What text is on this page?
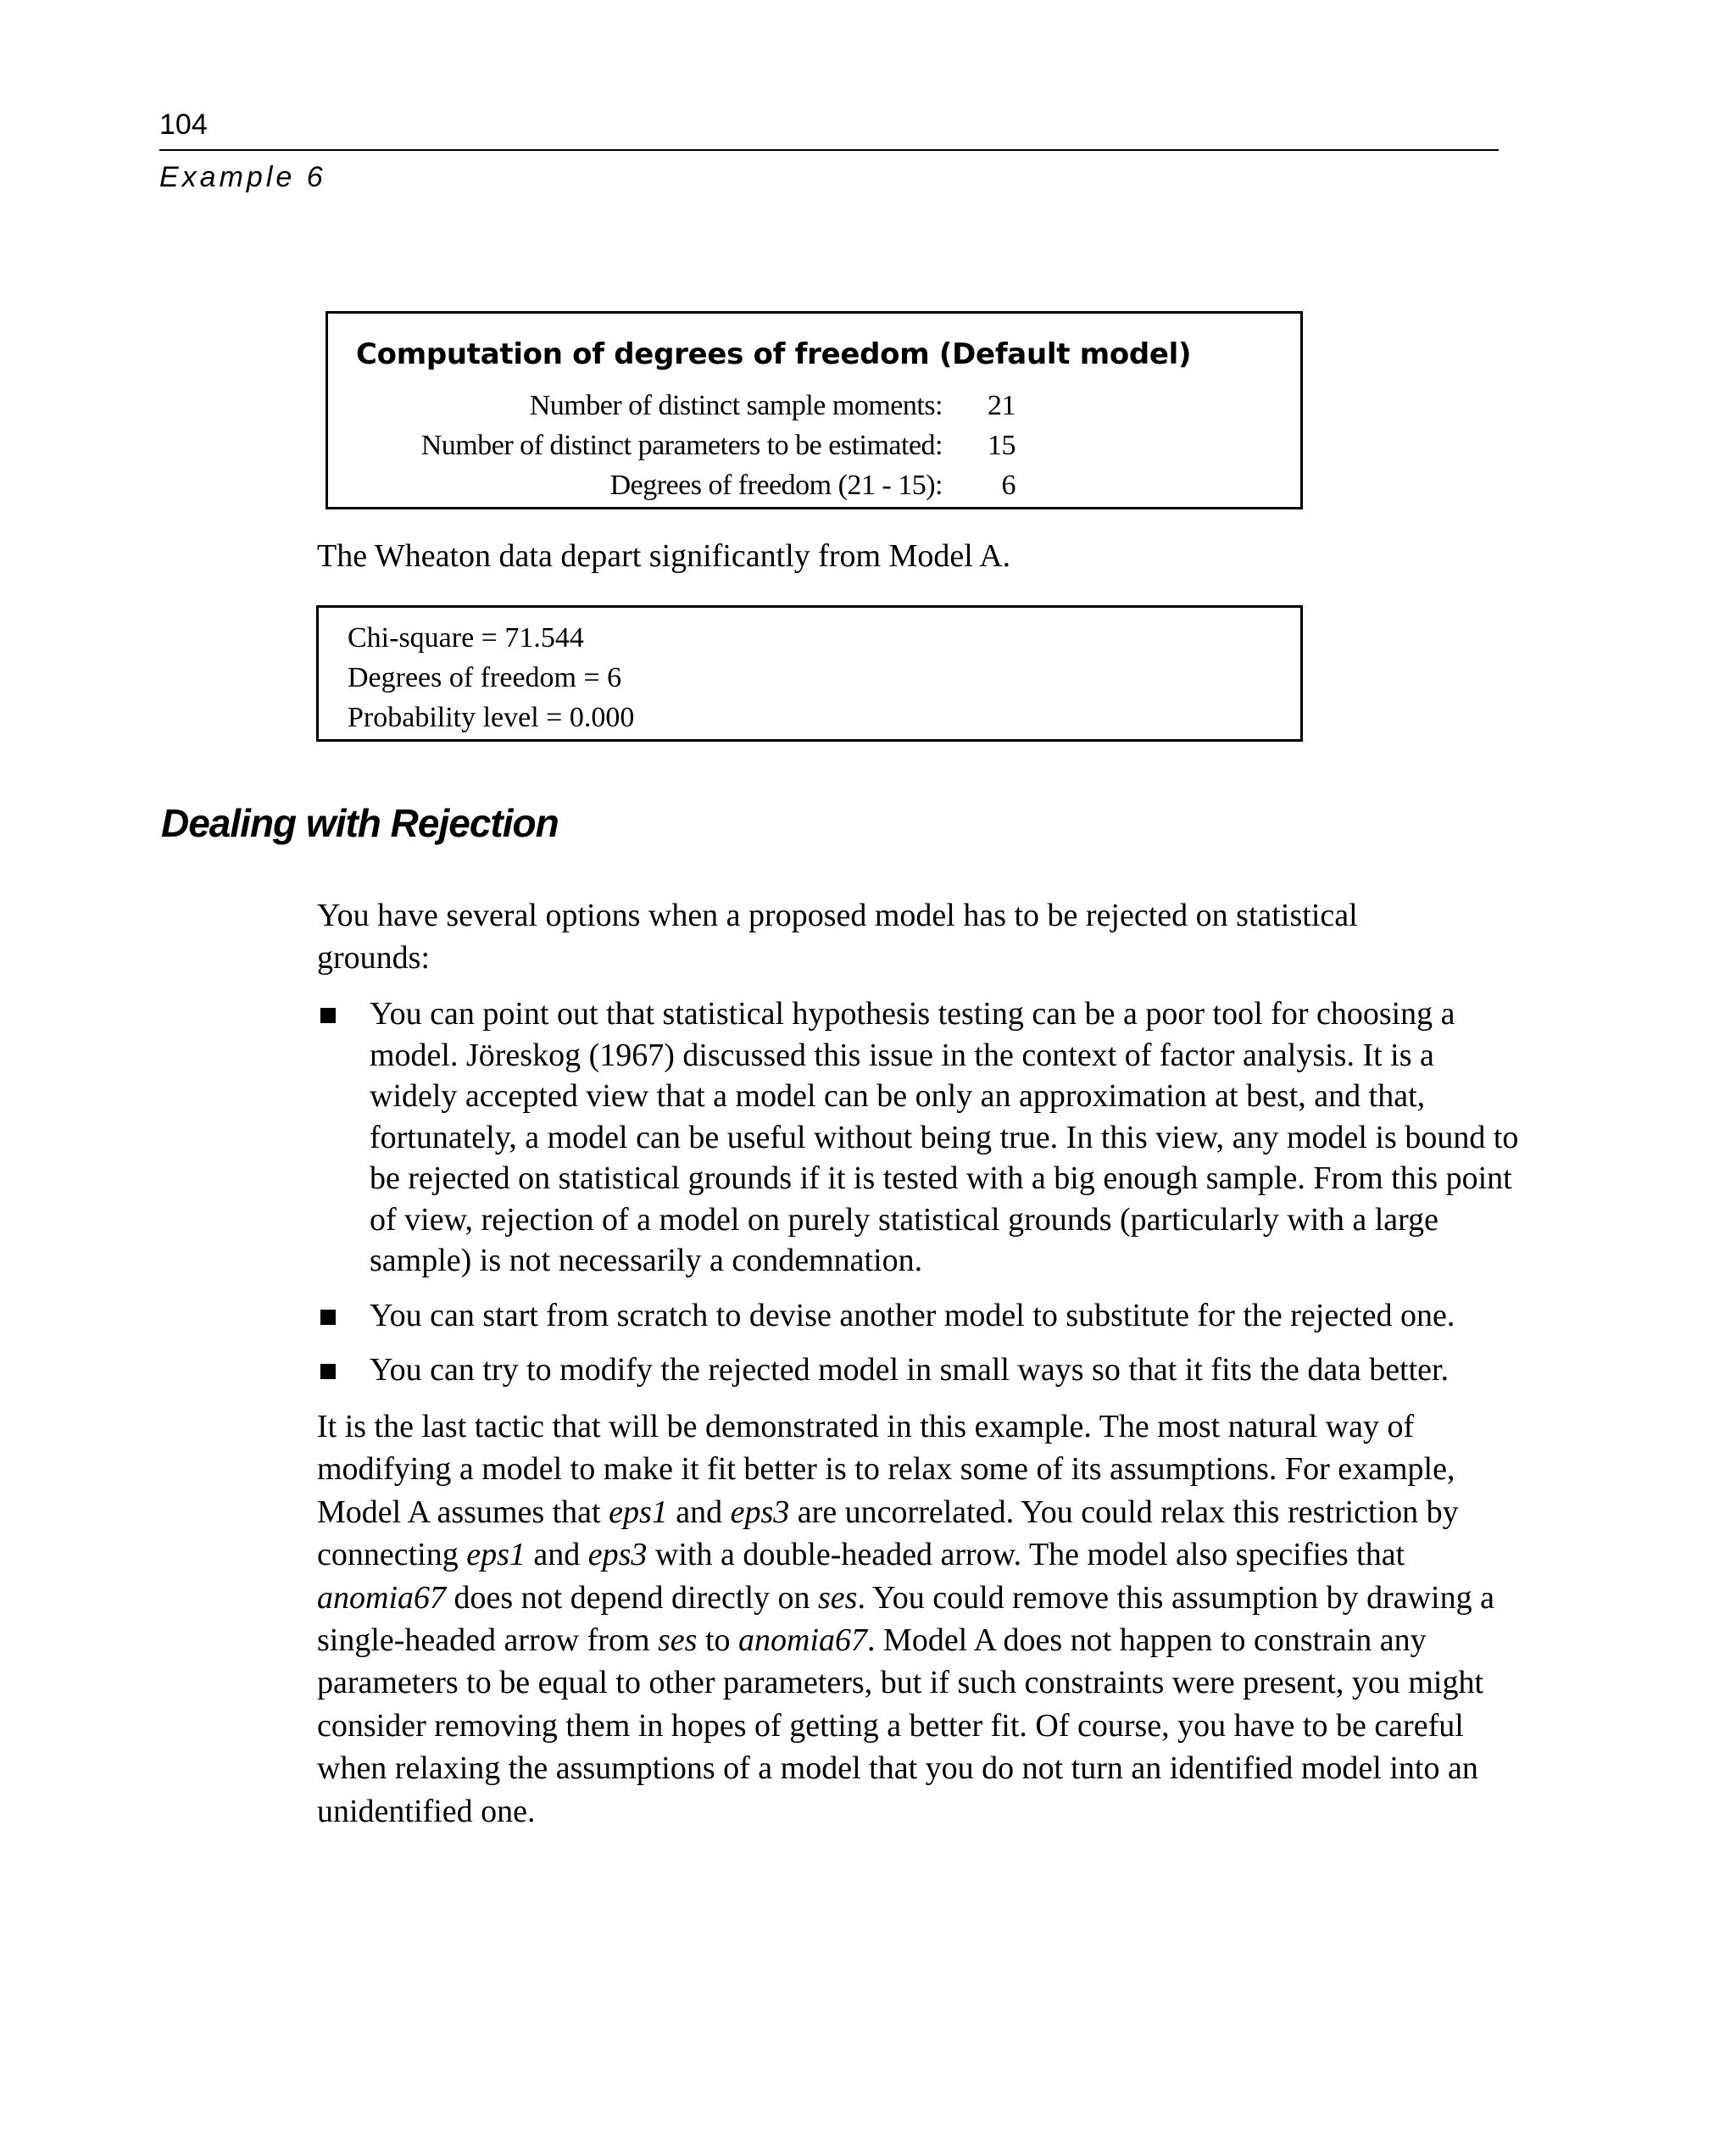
104
Example 6
Computation of degrees of freedom (Default model)
Number of distinct sample moments: 21
Number of distinct parameters to be estimated: 15
Degrees of freedom (21 - 15): 6
The Wheaton data depart significantly from Model A.
Chi-square = 71.544
Degrees of freedom = 6
Probability level = 0.000
Dealing with Rejection
You have several options when a proposed model has to be rejected on statistical grounds:
You can point out that statistical hypothesis testing can be a poor tool for choosing a model. Jöreskog (1967) discussed this issue in the context of factor analysis. It is a widely accepted view that a model can be only an approximation at best, and that, fortunately, a model can be useful without being true. In this view, any model is bound to be rejected on statistical grounds if it is tested with a big enough sample. From this point of view, rejection of a model on purely statistical grounds (particularly with a large sample) is not necessarily a condemnation.
You can start from scratch to devise another model to substitute for the rejected one.
You can try to modify the rejected model in small ways so that it fits the data better.
It is the last tactic that will be demonstrated in this example. The most natural way of modifying a model to make it fit better is to relax some of its assumptions. For example, Model A assumes that eps1 and eps3 are uncorrelated. You could relax this restriction by connecting eps1 and eps3 with a double-headed arrow. The model also specifies that anomia67 does not depend directly on ses. You could remove this assumption by drawing a single-headed arrow from ses to anomia67. Model A does not happen to constrain any parameters to be equal to other parameters, but if such constraints were present, you might consider removing them in hopes of getting a better fit. Of course, you have to be careful when relaxing the assumptions of a model that you do not turn an identified model into an unidentified one.
